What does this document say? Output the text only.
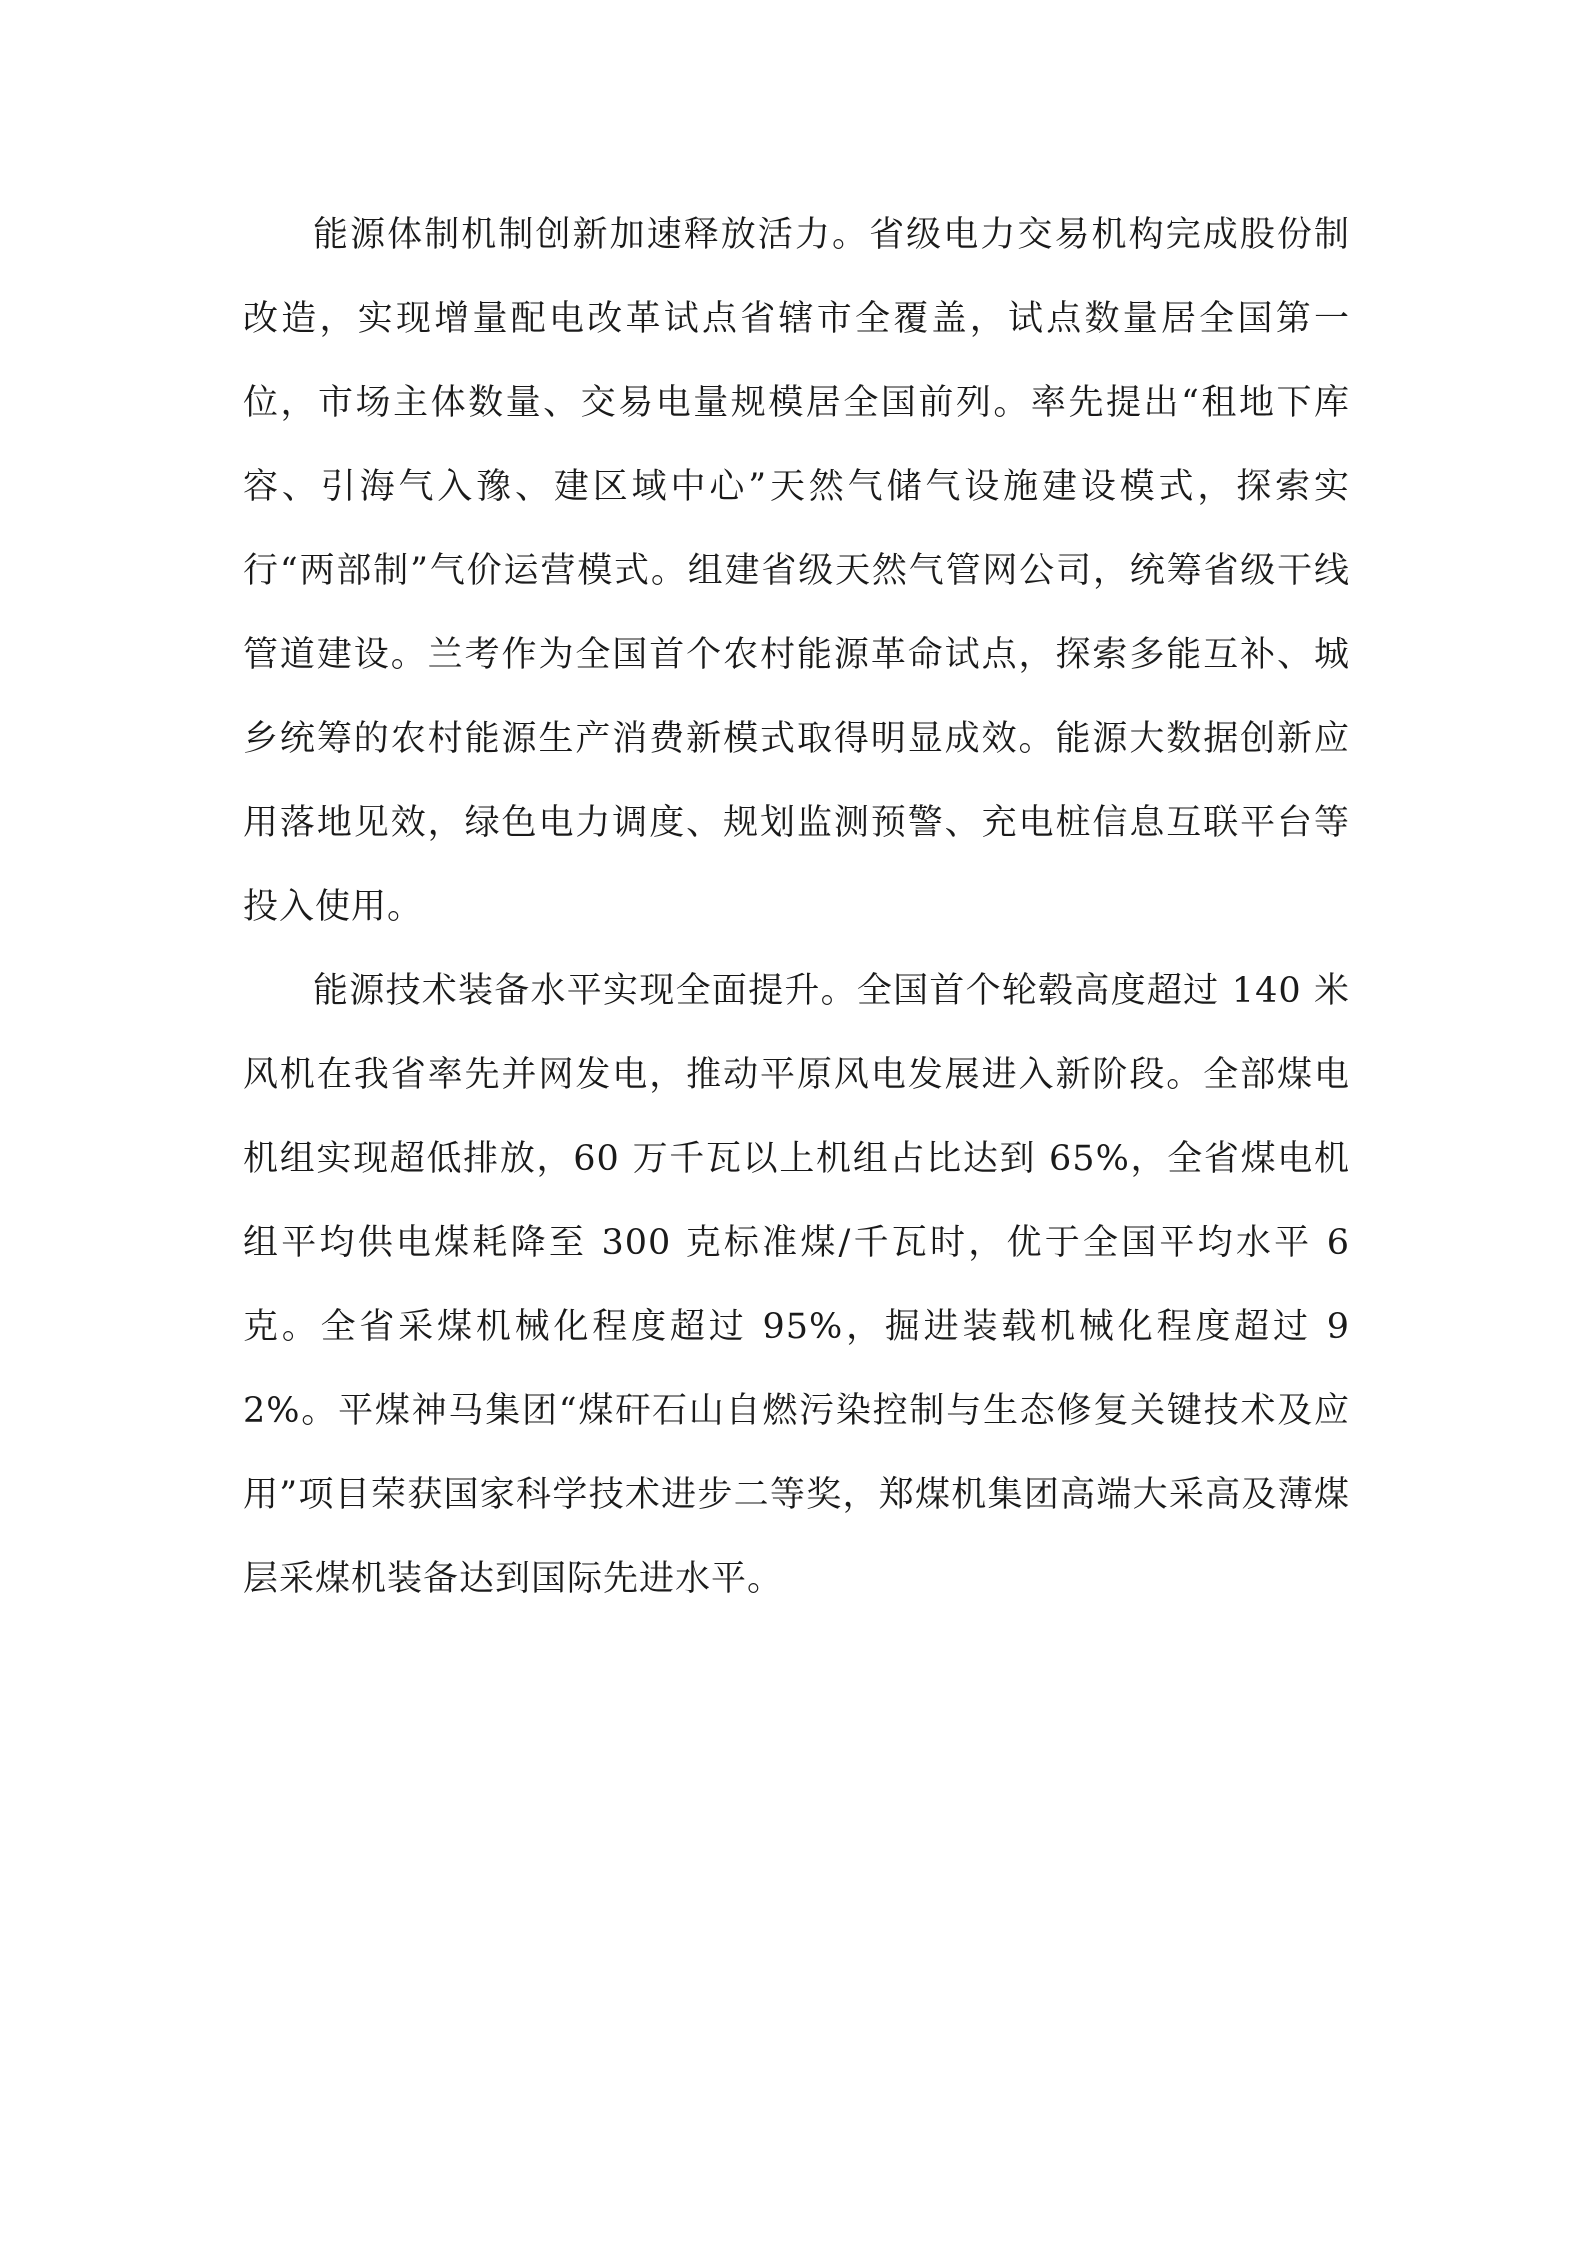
能源体制机制创新加速释放活力。省级电力交易机构完成股份制改造，实现增量配电改革试点省辖市全覆盖，试点数量居全国第一位，市场主体数量、交易电量规模居全国前列。率先提出“租地下库容、引海气入豫、建区域中心”天然气储气设施建设模式，探索实行“两部制”气价运营模式。组建省级天然气管网公司，统筹省级干线管道建设。兰考作为全国首个农村能源革命试点，探索多能互补、城乡统筹的农村能源生产消费新模式取得明显成效。能源大数据创新应用落地见效，绿色电力调度、规划监测预警、充电桩信息互联平台等投入使用。

能源技术装备水平实现全面提升。全国首个轮毂高度超过 140 米风机在我省率先并网发电，推动平原风电发展进入新阶段。全部煤电机组实现超低排放，60 万千瓦以上机组占比达到 65%，全省煤电机组平均供电煤耗降至 300 克标准煤/千瓦时，优于全国平均水平 6 克。全省采煤机械化程度超过 95%，掘进装载机械化程度超过 92%。平煤神马集团“煤矸石山自燃污染控制与生态修复关键技术及应用”项目荣获国家科学技术进步二等奖，郑煤机集团高端大采高及薄煤层采煤机装备达到国际先进水平。
